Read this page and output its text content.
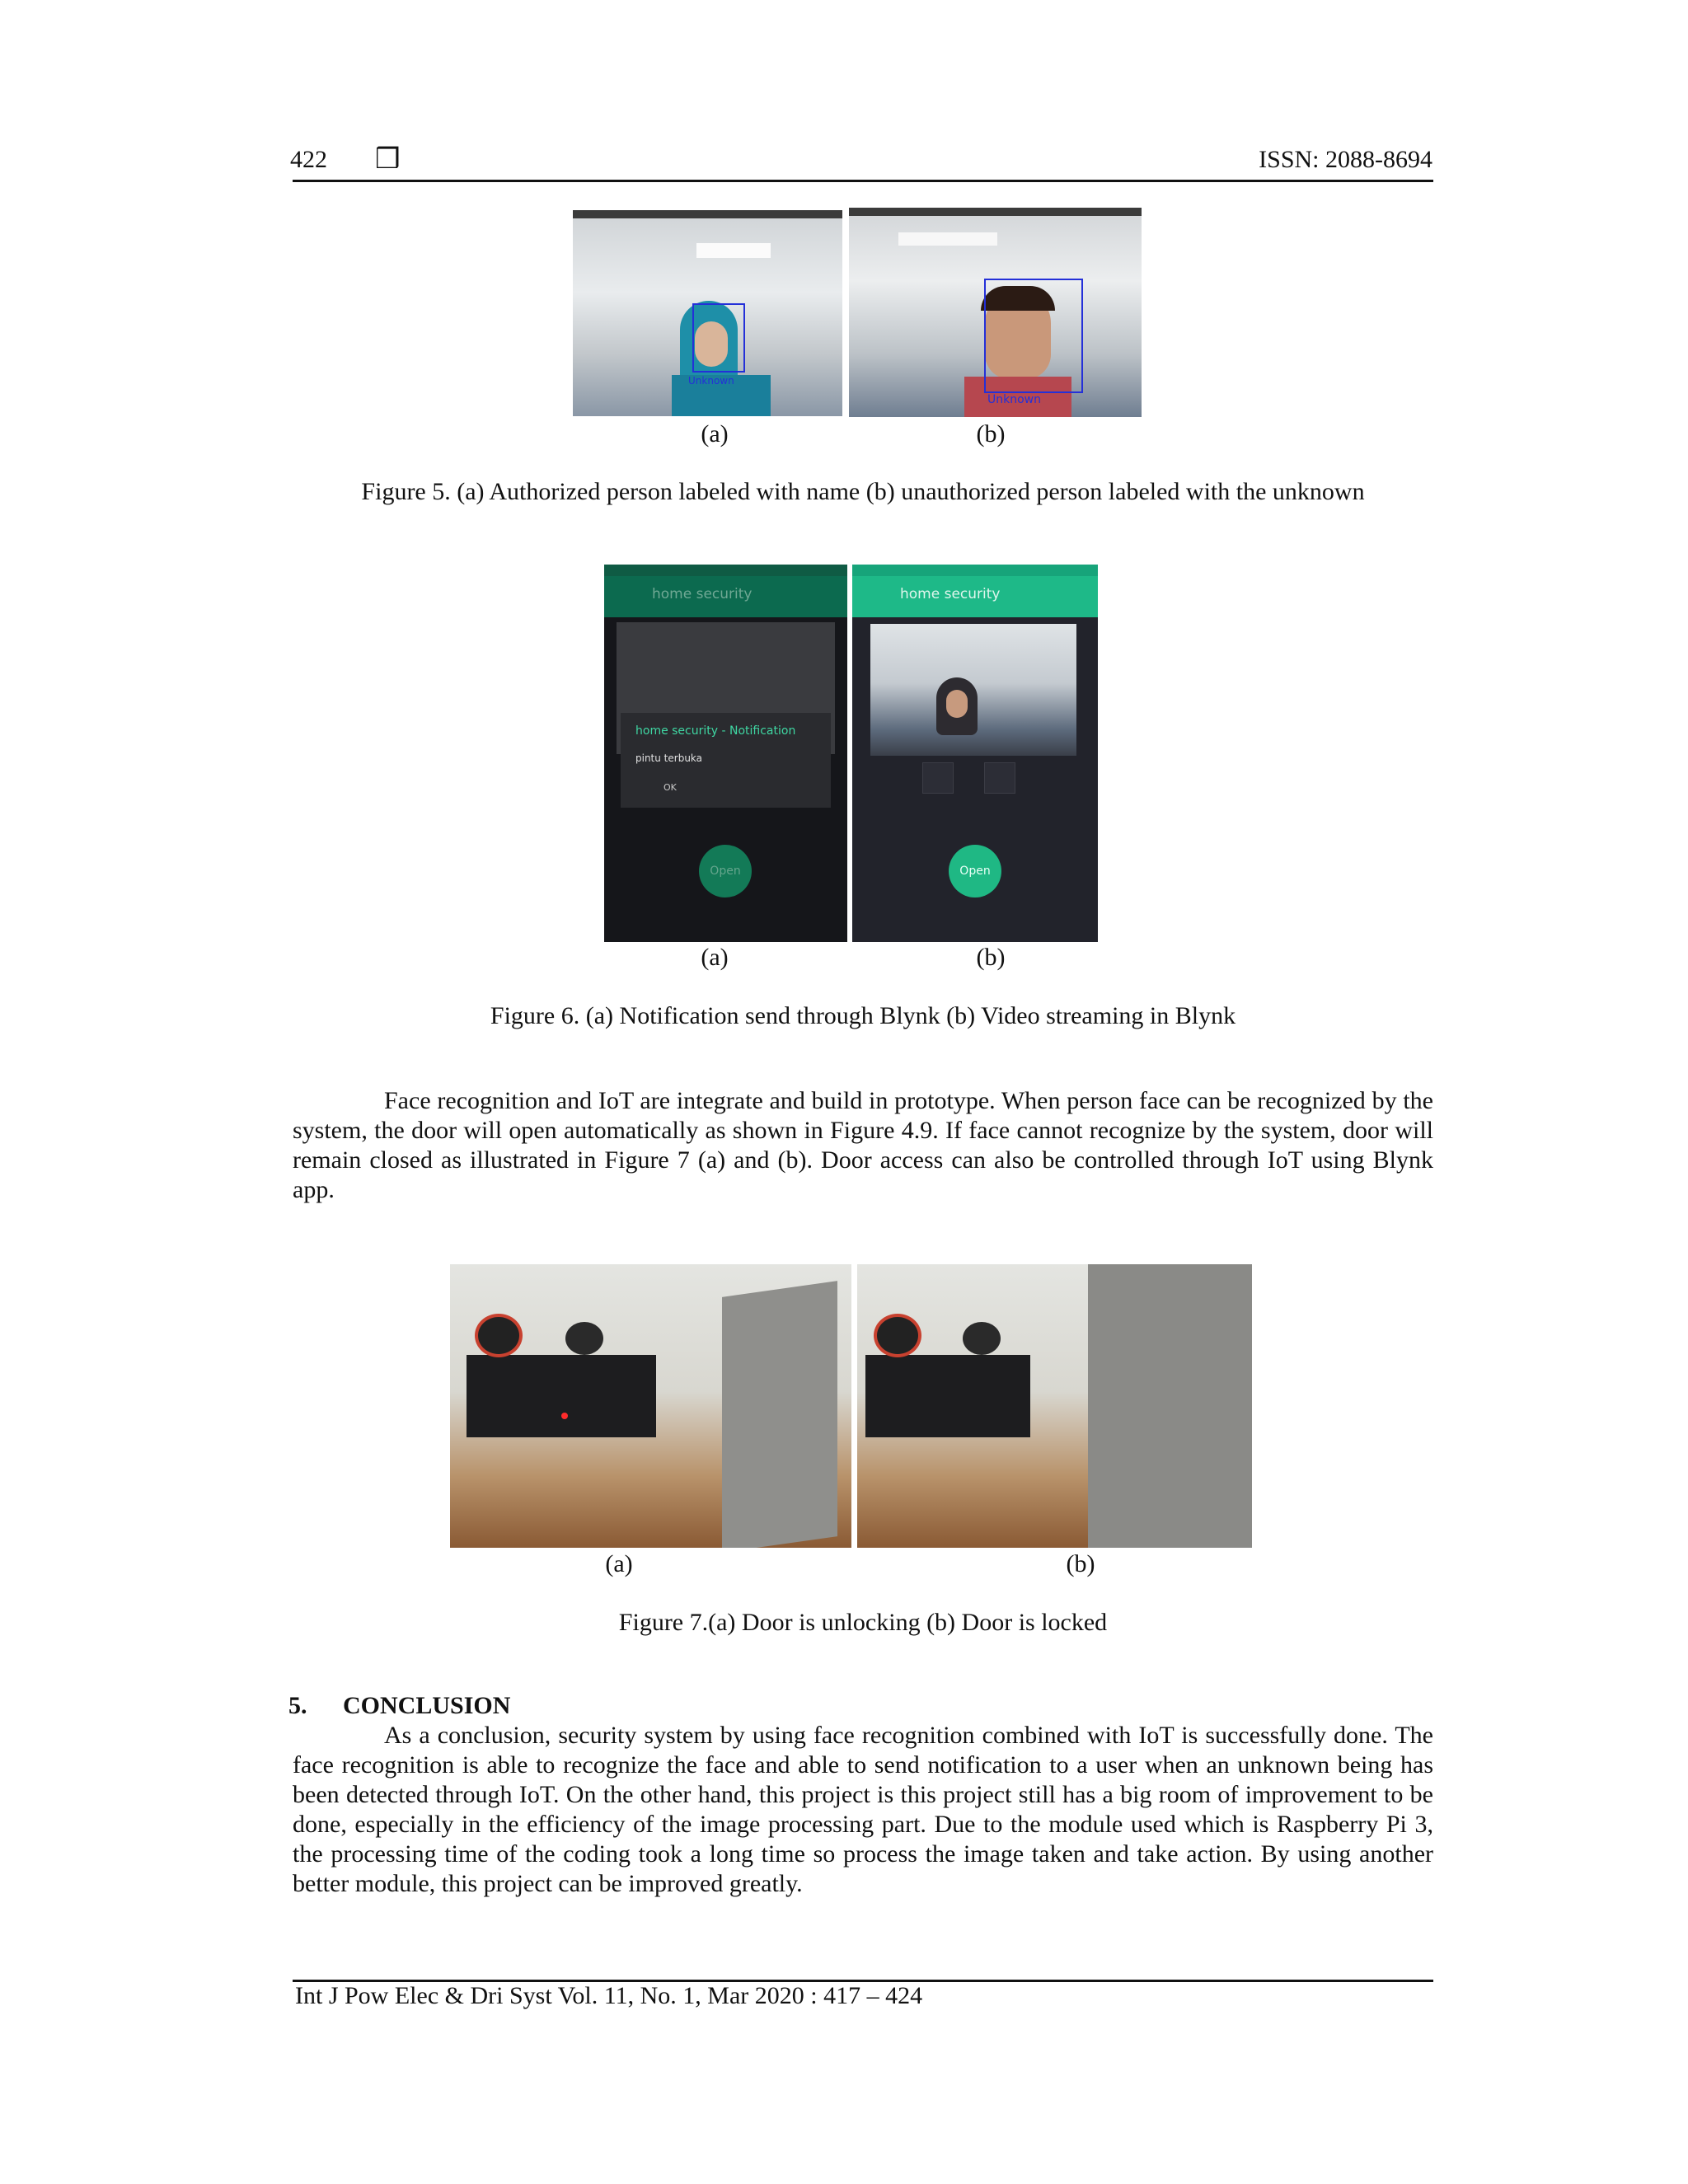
422 ❒	ISSN: 2088-8694
Unknown
Unknown
(a)	(b)
Figure 5. (a) Authorized person labeled with name (b) unauthorized person labeled with the unknown
home security
home security - Notification
pintu terbuka
OK
Open
home security
Open
(a)	(b)
Figure 6. (a) Notification send through Blynk (b) Video streaming in Blynk

Face recognition and IoT are integrate and build in prototype. When person face can be recognized by the system, the door will open automatically as shown in Figure 4.9. If face cannot recognize by the system, door will remain closed as illustrated in Figure 7 (a) and (b). Door access can also be controlled through IoT using Blynk app.

(a)	(b)
Figure 7.(a) Door is unlocking (b) Door is locked
5. CONCLUSION

As a conclusion, security system by using face recognition combined with IoT is successfully done. The face recognition is able to recognize the face and able to send notification to a user when an unknown being has been detected through IoT. On the other hand, this project is this project still has a big room of improvement to be done, especially in the efficiency of the image processing part. Due to the module used which is Raspberry Pi 3, the processing time of the coding took a long time so process the image taken and take action. By using another better module, this project can be improved greatly.

Int J Pow Elec & Dri Syst Vol. 11, No. 1, Mar 2020 : 417 – 424
